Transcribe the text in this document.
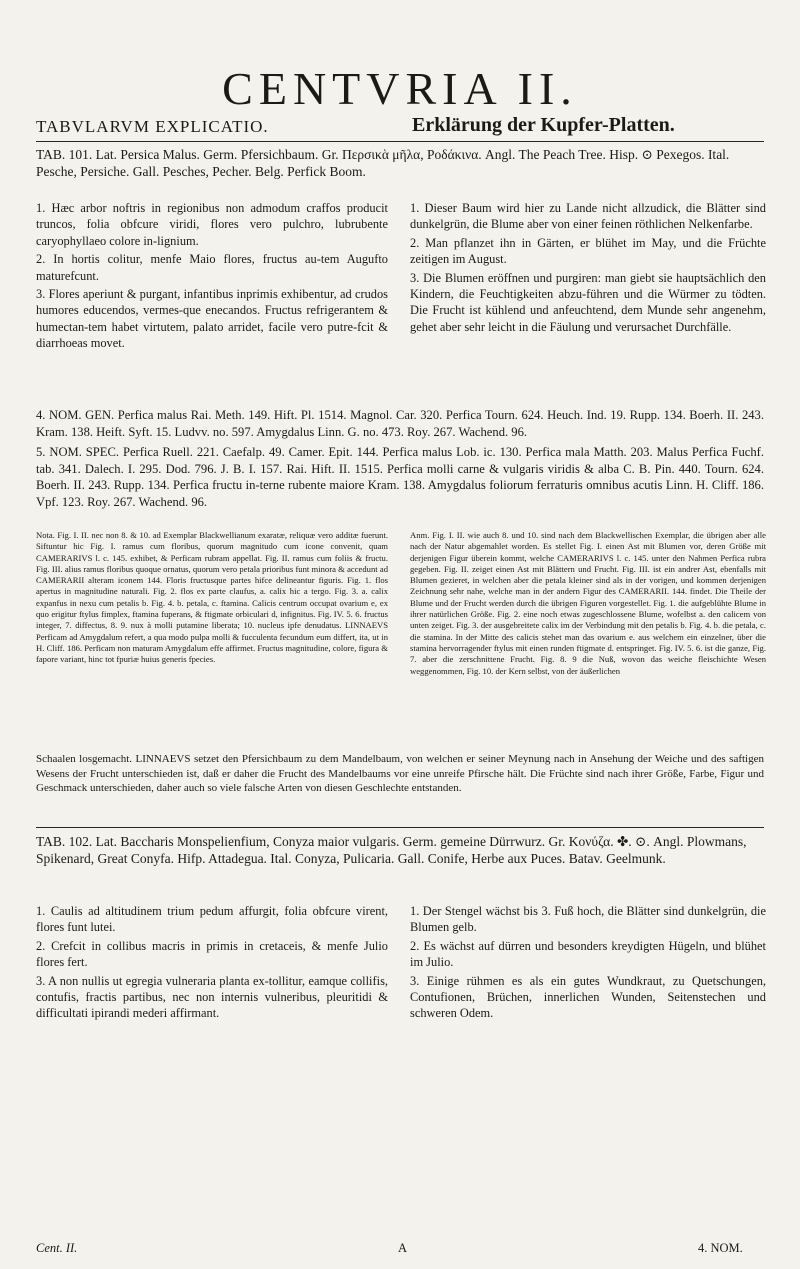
CENTVRIA II.
TABVLARVM EXPLICATIO.	Erklärung der Kupfer-Platten.
TAB. 101. Lat. Persica Malus. Germ. Pfersichbaum. Gr. Περσικὰ μῆλα, Ροδάκινα. Angl. The Peach Tree. Hisp. ⊙ Pexegos. Ital. Pesche, Persiche. Gall. Pesches, Pecher. Belg. Perfick Boom.

1. Hæc arbor noftris in regionibus non admodum craffos producit truncos, folia obfcure viridi, flores vero pulchro, lubrubente caryophyllaeo colore in-lignium.

2. In hortis colitur, menfe Maio flores, fructus au-tem Augufto maturefcunt.

3. Flores aperiunt & purgant, infantibus inprimis exhibentur, ad crudos humores educendos, vermes-que enecandos. Fructus refrigerantem & humectan-tem habet virtutem, palato arridet, facile vero putre-fcit & diarrhoeas movet.

1. Dieser Baum wird hier zu Lande nicht allzudick, die Blätter sind dunkelgrün, die Blume aber von einer feinen röthlichen Nelkenfarbe.

2. Man pflanzet ihn in Gärten, er blühet im May, und die Früchte zeitigen im August.

3. Die Blumen eröffnen und purgiren: man giebt sie hauptsächlich den Kindern, die Feuchtigkeiten abzu-führen und die Würmer zu tödten. Die Frucht ist kühlend und anfeuchtend, dem Munde sehr angenehm, gehet aber sehr leicht in die Fäulung und verursachet Durchfälle.

4. NOM. GEN. Perfica malus Rai. Meth. 149. Hift. Pl. 1514. Magnol. Car. 320. Perfica Tourn. 624. Heuch. Ind. 19. Rupp. 134. Boerh. II. 243. Kram. 138. Heift. Syft. 15. Ludvv. no. 597. Amygdalus Linn. G. no. 473. Roy. 267. Wachend. 96.

5. NOM. SPEC. Perfica Ruell. 221. Caefalp. 49. Camer. Epit. 144. Perfica malus Lob. ic. 130. Perfica mala Matth. 203. Malus Perfica Fuchf. tab. 341. Dalech. I. 295. Dod. 796. J. B. I. 157. Rai. Hift. II. 1515. Perfica molli carne & vulgaris viridis & alba C. B. Pin. 440. Tourn. 624. Boerh. II. 243. Rupp. 134. Perfica fructu in-terne rubente maiore Kram. 138. Amygdalus foliorum ferraturis omnibus acutis Linn. H. Cliff. 186. Vpf. 123. Roy. 267. Wachend. 96.

Nota. Fig. I. II. nec non 8. & 10. ad Exemplar Blackwellianum exaratæ, reliquæ vero additæ fuerunt. Siftuntur hic Fig. I. ramus cum floribus, quorum magnitudo cum icone convenit, quam CAMERARIVS l. c. 145. exhibet, & Perficam rubram appellat. Fig. II. ramus cum foliis & fructu. Fig. III. alius ramus floribus quoque ornatus, quorum vero petala prioribus funt minora & accedunt ad CAMERARII alteram iconem 144. Floris fructusque partes hifce delineantur figuris. Fig. 1. flos apertus in magnitudine naturali. Fig. 2. flos ex parte claufus, a. calix hic a tergo. Fig. 3. a. calix expanfus in nexu cum petalis b. Fig. 4. b. petala, c. ftamina. Calicis centrum occupat ovarium e, ex quo erigitur ftylus fimplex, ftamina fuperans, & ftigmate orbiculari d, infignitus. Fig. IV. 5. 6. fructus integer, 7. diffectus, 8. 9. nux à molli putamine liberata; 10. nucleus ipfe denudatus. LINNAEVS Perficam ad Amygdalum refert, a qua modo pulpa molli & fucculenta fecundum eum differt, ita, ut in H. Cliff. 186. Perficam non maturam Amygdalum effe affirmet. Fructus magnitudine, colore, figura & fapore variant, hinc tot fpuriæ huius generis fpecies.
Anm. Fig. I. II. wie auch 8. und 10. sind nach dem Blackwellischen Exemplar, die übrigen aber alle nach der Natur abgemahlet worden. Es stellet Fig. I. einen Ast mit Blumen vor, deren Größe mit derjenigen Figur überein kommt, welche CAMERARIVS l. c. 145. unter den Nahmen Perfica rubra gegeben. Fig. II. zeiget einen Ast mit Blättern und Frucht. Fig. III. ist ein andrer Ast, ebenfalls mit Blumen gezieret, in welchen aber die petala kleiner sind als in der vorigen, und kommen derjenigen Zeichnung sehr nahe, welche man in der andern Figur des CAMERARII. 144. findet. Die Theile der Blume und der Frucht werden durch die übrigen Figuren vorgestellet. Fig. 1. die aufgeblühte Blume in ihrer natürlichen Größe. Fig. 2. eine noch etwas zugeschlossene Blume, wofelbst a. den calicem von unten zeiget. Fig. 3. der ausgebreitete calix im der Verbindung mit den petalis b. Fig. 4. b. die petala, c. die stamina. In der Mitte des calicis stehet man das ovarium e. aus welchem ein einzelner, über die stamina hervorragender ftylus mit einen runden ftigmate d. entspringet. Fig. IV. 5. 6. ist die ganze, Fig. 7. aber die zerschnittene Frucht. Fig. 8. 9 die Nuß, wovon das weiche fleischichte Wesen weggenommen, Fig. 10. der Kern selbst, von der äußerlichen
Schaalen losgemacht. LINNAEVS setzet den Pfersichbaum zu dem Mandelbaum, von welchen er seiner Meynung nach in Ansehung der Weiche und des saftigen Wesens der Frucht unterschieden ist, daß er daher die Frucht des Mandelbaums vor eine unreife Pfirsche hält. Die Früchte sind nach ihrer Größe, Farbe, Figur und Geschmack unterschieden, daher auch so viele falsche Arten von diesen Geschlechte entstanden.
TAB. 102. Lat. Baccharis Monspelienfium, Conyza maior vulgaris. Germ. gemeine Dürrwurz. Gr. Κονύζα. ✤. ⊙. Angl. Plowmans, Spikenard, Great Conyfa. Hifp. Attadegua. Ital. Conyza, Pulicaria. Gall. Conife, Herbe aux Puces. Batav. Geelmunk.

1. Caulis ad altitudinem trium pedum affurgit, folia obfcure virent, flores funt lutei.

2. Crefcit in collibus macris in primis in cretaceis, & menfe Julio flores fert.

3. A non nullis ut egregia vulneraria planta ex-tollitur, eamque collifis, contufis, fractis partibus, nec non internis vulneribus, pleuritidi & difficultati ipirandi mederi affirmant.

1. Der Stengel wächst bis 3. Fuß hoch, die Blätter sind dunkelgrün, die Blumen gelb.

2. Es wächst auf dürren und besonders kreydigten Hügeln, und blühet im Julio.

3. Einige rühmen es als ein gutes Wundkraut, zu Quetschungen, Contufionen, Brüchen, innerlichen Wunden, Seitenstechen und schweren Odem.

Cent. II.	A	4. NOM.
